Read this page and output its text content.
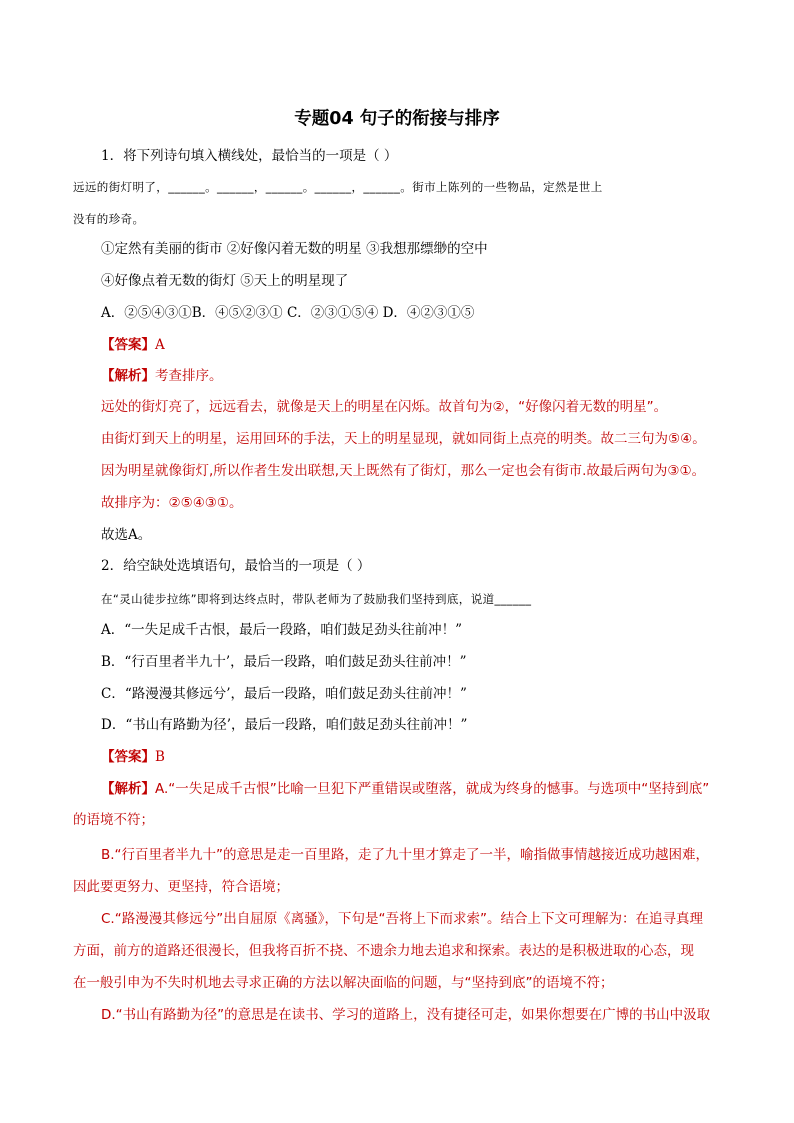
专题04 句子的衔接与排序
1．将下列诗句填入横线处，最恰当的一项是（ ）
远远的街灯明了，______。______，______。______，______。街市上陈列的一些物品，定然是世上
没有的珍奇。
①定然有美丽的街市 ②好像闪着无数的明星 ③我想那缥缈的空中
④好像点着无数的街灯 ⑤天上的明星现了
A．②⑤④③①B．④⑤②③① C．②③①⑤④ D．④②③①⑤
【答案】A
【解析】考查排序。
远处的街灯亮了，远远看去，就像是天上的明星在闪烁。故首句为②，“好像闪着无数的明星”。
由街灯到天上的明星，运用回环的手法，天上的明星显现，就如同街上点亮的明类。故二三句为⑤④。
因为明星就像街灯,所以作者生发出联想,天上既然有了街灯，那么一定也会有街市.故最后两句为③①。
故排序为：②⑤④③①。
故选A。
2．给空缺处选填语句，最恰当的一项是（ ）
在“灵山徒步拉练”即将到达终点时，带队老师为了鼓励我们坚持到底，说道______
A．“一失足成千古恨，最后一段路，咱们鼓足劲头往前冲！”
B．“行百里者半九十’，最后一段路，咱们鼓足劲头往前冲！”
C．“路漫漫其修远兮’，最后一段路，咱们鼓足劲头往前冲！”
D．“书山有路勤为径’，最后一段路，咱们鼓足劲头往前冲！”
【答案】B
【解析】A.“一失足成千古恨”比喻一旦犯下严重错误或堕落，就成为终身的憾事。与选项中“坚持到底”
的语境不符；
B.“行百里者半九十”的意思是走一百里路，走了九十里才算走了一半，喻指做事情越接近成功越困难，
因此要更努力、更坚持，符合语境；
C.“路漫漫其修远兮”出自屈原《离骚》，下句是“吾将上下而求索”。结合上下文可理解为：在追寻真理
方面，前方的道路还很漫长，但我将百折不挠、不遗余力地去追求和探索。表达的是积极进取的心态，现
在一般引申为不失时机地去寻求正确的方法以解决面临的问题，与“坚持到底”的语境不符；
D.“书山有路勤为径”的意思是在读书、学习的道路上，没有捷径可走，如果你想要在广博的书山中汲取
